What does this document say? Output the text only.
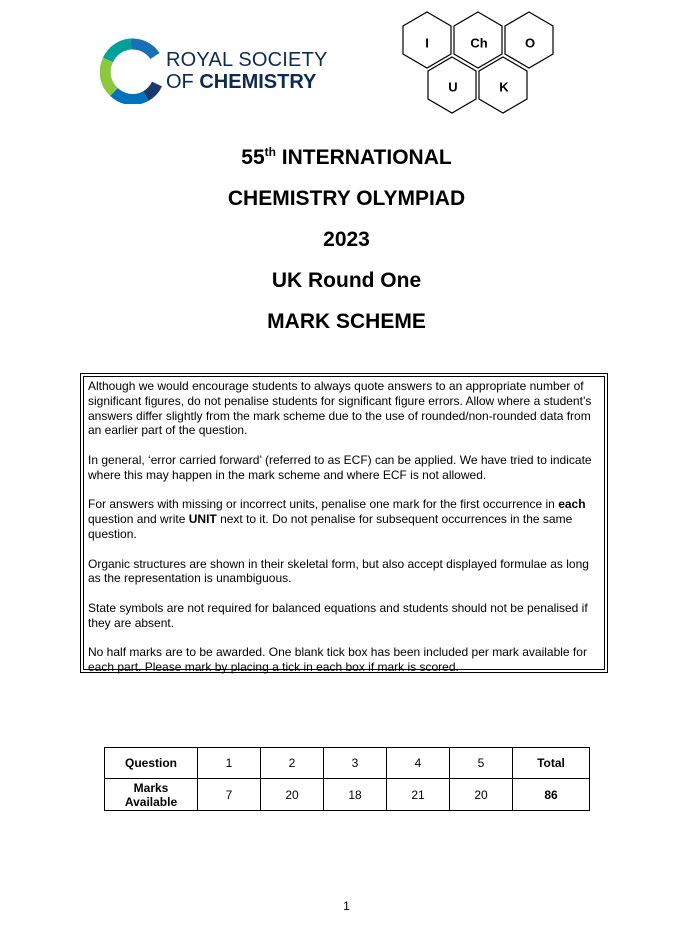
ROYAL SOCIETY
OF CHEMISTRY
I	Ch	O
U	K
55th INTERNATIONAL
CHEMISTRY OLYMPIAD
2023
UK Round One
MARK SCHEME

Although we would encourage students to always quote answers to an appropriate number of significant figures, do not penalise students for significant figure errors. Allow where a student’s answers differ slightly from the mark scheme due to the use of rounded/non-rounded data from an earlier part of the question.

In general, ‘error carried forward’ (referred to as ECF) can be applied. We have tried to indicate where this may happen in the mark scheme and where ECF is not allowed.

For answers with missing or incorrect units, penalise one mark for the first occurrence in each question and write UNIT next to it. Do not penalise for subsequent occurrences in the same question.

Organic structures are shown in their skeletal form, but also accept displayed formulae as long as the representation is unambiguous.

State symbols are not required for balanced equations and students should not be penalised if they are absent.

No half marks are to be awarded. One blank tick box has been included per mark available for each part. Please mark by placing a tick in each box if mark is scored.

Question	1	2	3	4	5	Total
Marks
Available	7	20	18	21	20	86
1
